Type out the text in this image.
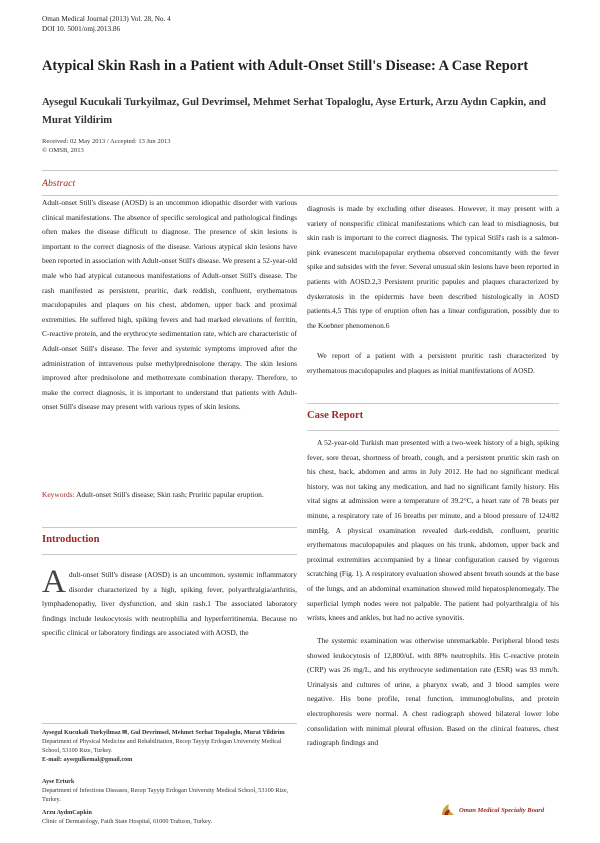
Oman Medical Journal (2013) Vol. 28, No. 4
DOI 10. 5001/omj.2013.86
Atypical Skin Rash in a Patient with Adult-Onset Still's Disease: A Case Report
Aysegul Kucukali Turkyilmaz, Gul Devrimsel, Mehmet Serhat Topaloglu, Ayse Erturk, Arzu Aydın Capkin, and Murat Yildirim
Received: 02 May 2013 / Accepted: 13 Jun 2013
© OMSB, 2013
Abstract

Adult-onset Still's disease (AOSD) is an uncommon idiopathic disorder with various clinical manifestations. The absence of specific serological and pathological findings often makes the disease difficult to diagnose. The presence of skin lesions is important to the correct diagnosis of the disease. Various atypical skin lesions have been reported in association with Adult-onset Still's disease. We present a 52-year-old male who had atypical cutaneous manifestations of Adult-onset Still's disease. The rash manifested as persistent, pruritic, dark reddish, confluent, erythematous maculopapules and plaques on his chest, abdomen, upper back and proximal extremities. He suffered high, spiking fevers and had marked elevations of ferritin, C-reactive protein, and the erythrocyte sedimentation rate, which are characteristic of Adult-onset Still's disease. The fever and systemic symptoms improved after the administration of intravenous pulse methylprednisolone therapy. The skin lesions improved after prednisolone and methotrexate combination therapy. Therefore, to make the correct diagnosis, it is important to understand that patients with Adult-onset Still's disease may present with various types of skin lesions.

Keywords: Adult-onset Still's disease; Skin rash; Pruritic papular eruption.
Introduction

Adult-onset Still's disease (AOSD) is an uncommon, systemic inflammatory disorder characterized by a high, spiking fever, polyarthralgia/arthritis, lymphadenopathy, liver dysfunction, and skin rash.1 The associated laboratory findings include leukocytosis with neutrophilia and hyperferritinemia. Because no specific clinical or laboratory findings are associated with AOSD, the

Aysegul Kucukali Turkyilmaz ✉, Gul Devrimsel, Mehmet Serhat Topaloglu, Murat Yildirim
Department of Physical Medicine and Rehabilitation, Recep Tayyip Erdogan University Medical School, 53100 Rize, Turkey.
E-mail: aysegulkemal@gmail.com
Ayse Erturk
Department of Infectious Diseases, Recep Tayyip Erdogan University Medical School, 53100 Rize, Turkey.
Arzu AydınCapkin
Clinic of Dermatology, Fatih State Hospital, 61000 Trabzon, Turkey.

diagnosis is made by excluding other diseases. However, it may present with a variety of nonspecific clinical manifestations which can lead to misdiagnosis, but skin rash is important to the correct diagnosis. The typical Still's rash is a salmon-pink evanescent maculopapular erythema observed concomitantly with the fever spike and subsides with the fever. Several unusual skin lesions have been reported in patients with AOSD.2,3 Persistent pruritic papules and plaques characterized by dyskeratosis in the epidermis have been described histologically in AOSD patients.4,5 This type of eruption often has a linear configuration, possibly due to the Koebner phenomenon.6

We report of a patient with a persistent pruritic rash characterized by erythematous maculopapules and plaques as initial manifestations of AOSD.

Case Report

A 52-year-old Turkish man presented with a two-week history of a high, spiking fever, sore throat, shortness of breath, cough, and a persistent pruritic skin rash on his chest, back, abdomen and arms in July 2012. He had no significant medical history, was not taking any medication, and had no significant family history. His vital signs at admission were a temperature of 39.2°C, a heart rate of 78 beats per minute, a respiratory rate of 16 breaths per minute, and a blood pressure of 124/82 mmHg. A physical examination revealed dark-reddish, confluent, pruritic erythematous maculopapules and plaques on his trunk, abdomen, upper back and proximal extremities accompanied by a linear configuration caused by vigorous scratching (Fig. 1). A respiratory evaluation showed absent breath sounds at the base of the lungs, and an abdominal examination showed mild hepatosplenomegaly. The superficial lymph nodes were not palpable. The patient had polyarthralgia of his wrists, knees and ankles, but had no active synovitis.

The systemic examination was otherwise unremarkable. Peripheral blood tests showed leukocytosis of 12,800/uL with 88% neutrophils. His C-reactive protein (CRP) was 26 mg/L, and his erythrocyte sedimentation rate (ESR) was 93 mm/h. Urinalysis and cultures of urine, a pharynx swab, and 3 blood samples were negative. His bone profile, renal function, immunoglobulins, and protein electrophoresis were normal. A chest radiograph showed bilateral lower lobe consolidation with minimal pleural effusion. Based on the clinical features, chest radiograph findings and

Oman Medical Specialty Board
